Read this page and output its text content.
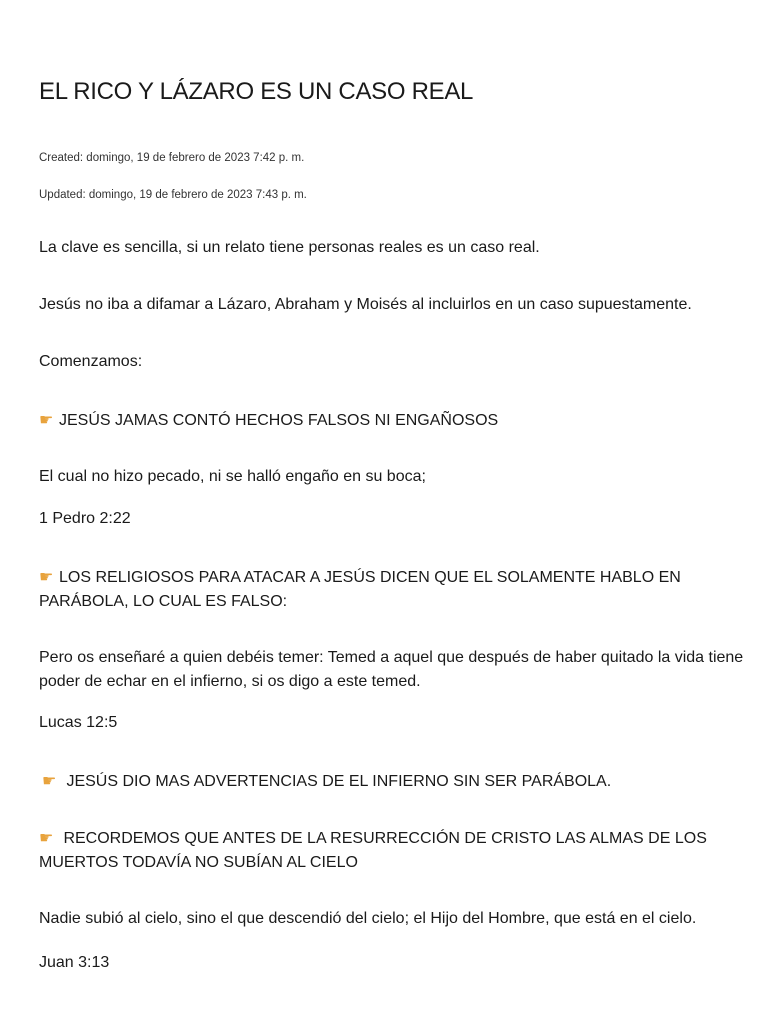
EL RICO Y LÁZARO ES UN CASO REAL
Created: domingo, 19 de febrero de 2023 7:42 p. m.
Updated: domingo, 19 de febrero de 2023 7:43 p. m.

La clave es sencilla, si un relato tiene personas reales es un caso real.

Jesús no iba a difamar a Lázaro, Abraham y Moisés al incluirlos en un caso supuestamente.

Comenzamos:

☛ JESÚS JAMAS CONTÓ HECHOS FALSOS NI ENGAÑOSOS

El cual no hizo pecado, ni se halló engaño en su boca;

1 Pedro 2:22

☛ LOS RELIGIOSOS PARA ATACAR A JESÚS DICEN QUE EL SOLAMENTE HABLO EN PARÁBOLA, LO CUAL ES FALSO:

Pero os enseñaré a quien debéis temer: Temed a aquel que después de haber quitado la vida tiene poder de echar en el infierno, si os digo a este temed.

Lucas 12:5

☛ JESÚS DIO MAS ADVERTENCIAS DE EL INFIERNO SIN SER PARÁBOLA.

☛ RECORDEMOS QUE ANTES DE LA RESURRECCIÓN DE CRISTO LAS ALMAS DE LOS MUERTOS TODAVÍA NO SUBÍAN AL CIELO

Nadie subió al cielo, sino el que descendió del cielo; el Hijo del Hombre, que está en el cielo.

Juan 3:13
